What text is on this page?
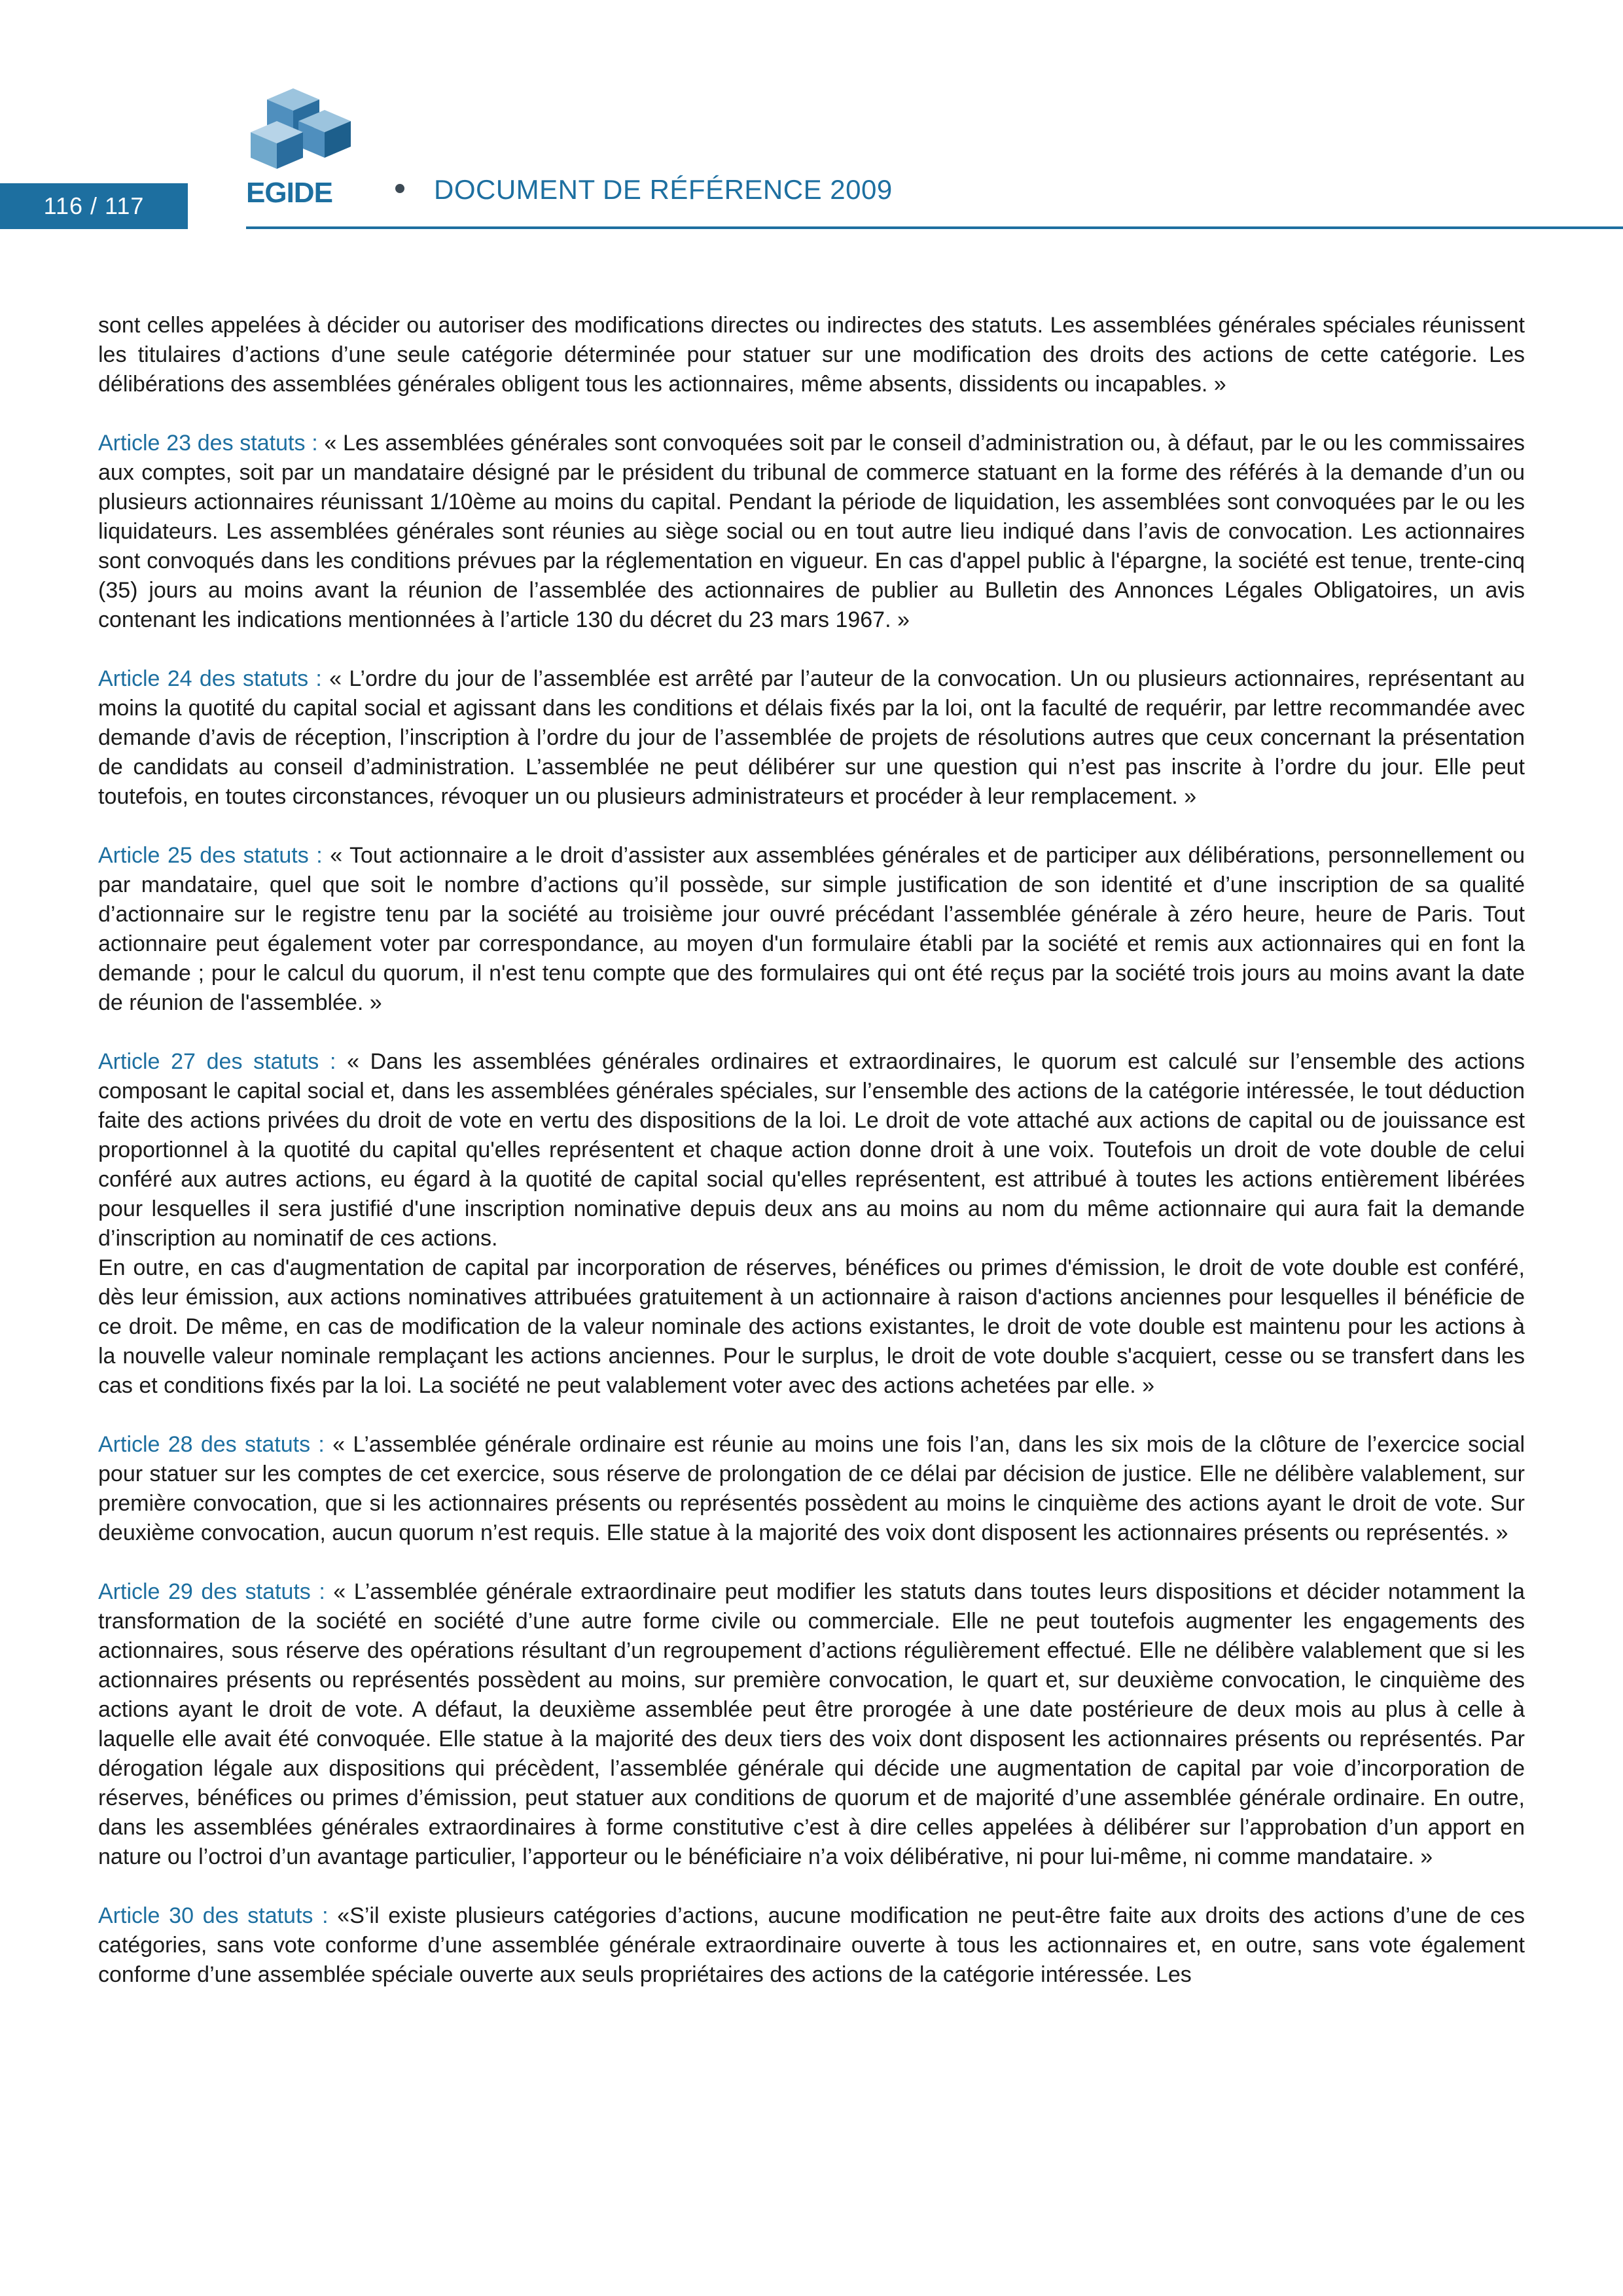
116 / 117	EGIDE	DOCUMENT DE RÉFÉRENCE 2009

sont celles appelées à décider ou autoriser des modifications directes ou indirectes des statuts. Les assemblées générales spéciales réunissent les titulaires d’actions d’une seule catégorie déterminée pour statuer sur une modification des droits des actions de cette catégorie. Les délibérations des assemblées générales obligent tous les actionnaires, même absents, dissidents ou incapables. »

Article 23 des statuts : « Les assemblées générales sont convoquées soit par le conseil d’administration ou, à défaut, par le ou les commissaires aux comptes, soit par un mandataire désigné par le président du tribunal de commerce statuant en la forme des référés à la demande d’un ou plusieurs actionnaires réunissant 1/10ème au moins du capital. Pendant la période de liquidation, les assemblées sont convoquées par le ou les liquidateurs. Les assemblées générales sont réunies au siège social ou en tout autre lieu indiqué dans l’avis de convocation. Les actionnaires sont convoqués dans les conditions prévues par la réglementation en vigueur. En cas d'appel public à l'épargne, la société est tenue, trente-cinq (35) jours au moins avant la réunion de l’assemblée des actionnaires de publier au Bulletin des Annonces Légales Obligatoires, un avis contenant les indications mentionnées à l’article 130 du décret du 23 mars 1967. »

Article 24 des statuts : « L’ordre du jour de l’assemblée est arrêté par l’auteur de la convocation. Un ou plusieurs actionnaires, représentant au moins la quotité du capital social et agissant dans les conditions et délais fixés par la loi, ont la faculté de requérir, par lettre recommandée avec demande d’avis de réception, l’inscription à l’ordre du jour de l’assemblée de projets de résolutions autres que ceux concernant la présentation de candidats au conseil d’administration. L’assemblée ne peut délibérer sur une question qui n’est pas inscrite à l’ordre du jour. Elle peut toutefois, en toutes circonstances, révoquer un ou plusieurs administrateurs et procéder à leur remplacement. »

Article 25 des statuts : « Tout actionnaire a le droit d’assister aux assemblées générales et de participer aux délibérations, personnellement ou par mandataire, quel que soit le nombre d’actions qu’il possède, sur simple justification de son identité et d’une inscription de sa qualité d’actionnaire sur le registre tenu par la société au troisième jour ouvré précédant l’assemblée générale à zéro heure, heure de Paris. Tout actionnaire peut également voter par correspondance, au moyen d'un formulaire établi par la société et remis aux actionnaires qui en font la demande ; pour le calcul du quorum, il n'est tenu compte que des formulaires qui ont été reçus par la société trois jours au moins avant la date de réunion de l'assemblée. »

Article 27 des statuts : « Dans les assemblées générales ordinaires et extraordinaires, le quorum est calculé sur l’ensemble des actions composant le capital social et, dans les assemblées générales spéciales, sur l’ensemble des actions de la catégorie intéressée, le tout déduction faite des actions privées du droit de vote en vertu des dispositions de la loi. Le droit de vote attaché aux actions de capital ou de jouissance est proportionnel à la quotité du capital qu'elles représentent et chaque action donne droit à une voix. Toutefois un droit de vote double de celui conféré aux autres actions, eu égard à la quotité de capital social qu'elles représentent, est attribué à toutes les actions entièrement libérées pour lesquelles il sera justifié d'une inscription nominative depuis deux ans au moins au nom du même actionnaire qui aura fait la demande d’inscription au nominatif de ces actions.

En outre, en cas d'augmentation de capital par incorporation de réserves, bénéfices ou primes d'émission, le droit de vote double est conféré, dès leur émission, aux actions nominatives attribuées gratuitement à un actionnaire à raison d'actions anciennes pour lesquelles il bénéficie de ce droit. De même, en cas de modification de la valeur nominale des actions existantes, le droit de vote double est maintenu pour les actions à la nouvelle valeur nominale remplaçant les actions anciennes. Pour le surplus, le droit de vote double s'acquiert, cesse ou se transfert dans les cas et conditions fixés par la loi. La société ne peut valablement voter avec des actions achetées par elle. »

Article 28 des statuts : « L’assemblée générale ordinaire est réunie au moins une fois l’an, dans les six mois de la clôture de l’exercice social pour statuer sur les comptes de cet exercice, sous réserve de prolongation de ce délai par décision de justice. Elle ne délibère valablement, sur première convocation, que si les actionnaires présents ou représentés possèdent au moins le cinquième des actions ayant le droit de vote. Sur deuxième convocation, aucun quorum n’est requis. Elle statue à la majorité des voix dont disposent les actionnaires présents ou représentés. »

Article 29 des statuts : « L’assemblée générale extraordinaire peut modifier les statuts dans toutes leurs dispositions et décider notamment la transformation de la société en société d’une autre forme civile ou commerciale. Elle ne peut toutefois augmenter les engagements des actionnaires, sous réserve des opérations résultant d’un regroupement d’actions régulièrement effectué. Elle ne délibère valablement que si les actionnaires présents ou représentés possèdent au moins, sur première convocation, le quart et, sur deuxième convocation, le cinquième des actions ayant le droit de vote. A défaut, la deuxième assemblée peut être prorogée à une date postérieure de deux mois au plus à celle à laquelle elle avait été convoquée. Elle statue à la majorité des deux tiers des voix dont disposent les actionnaires présents ou représentés. Par dérogation légale aux dispositions qui précèdent, l’assemblée générale qui décide une augmentation de capital par voie d’incorporation de réserves, bénéfices ou primes d’émission, peut statuer aux conditions de quorum et de majorité d’une assemblée générale ordinaire. En outre, dans les assemblées générales extraordinaires à forme constitutive c’est à dire celles appelées à délibérer sur l’approbation d’un apport en nature ou l’octroi d’un avantage particulier, l’apporteur ou le bénéficiaire n’a voix délibérative, ni pour lui-même, ni comme mandataire. »

Article 30 des statuts : «S’il existe plusieurs catégories d’actions, aucune modification ne peut-être faite aux droits des actions d’une de ces catégories, sans vote conforme d’une assemblée générale extraordinaire ouverte à tous les actionnaires et, en outre, sans vote également conforme d’une assemblée spéciale ouverte aux seuls propriétaires des actions de la catégorie intéressée. Les
